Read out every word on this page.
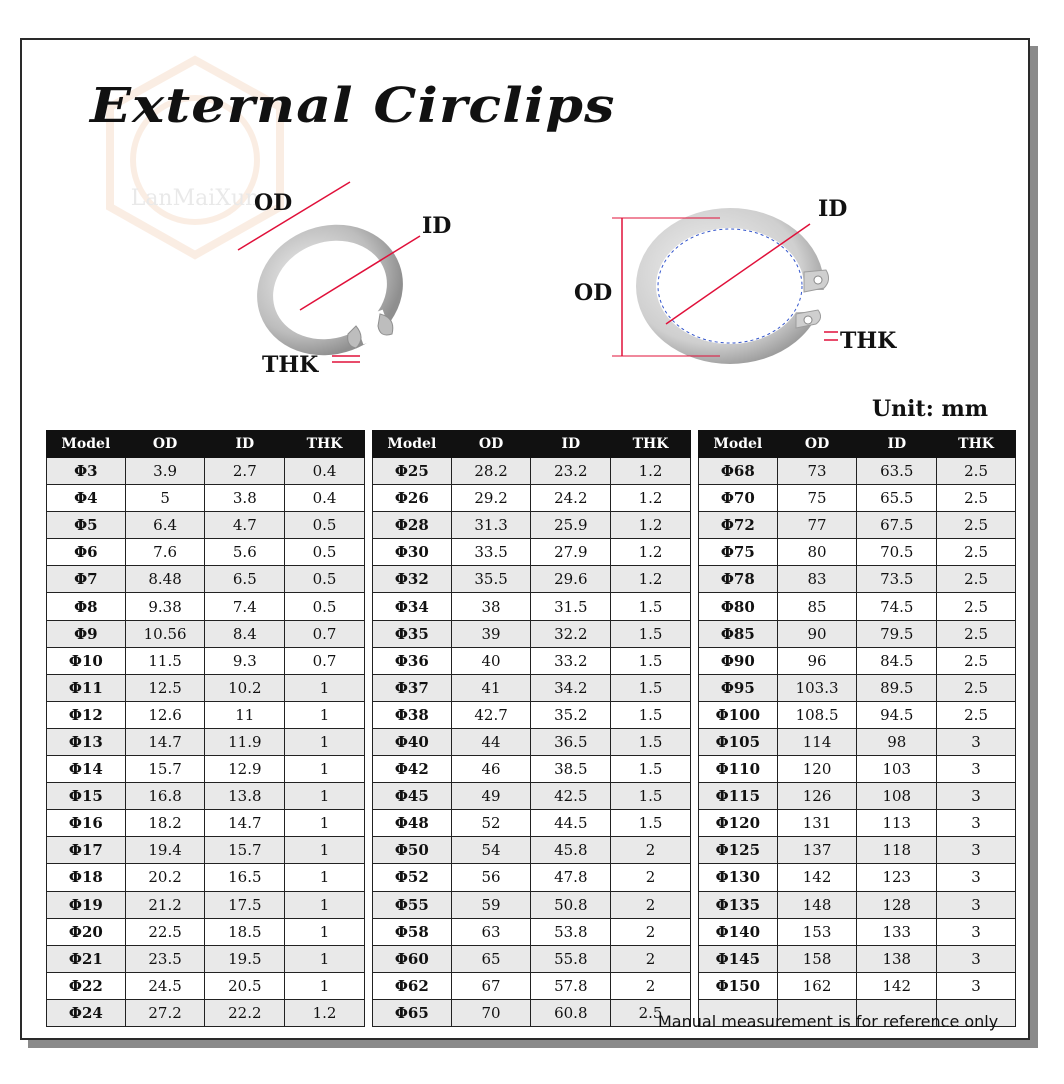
LanMaiXun
External Circlips
OD
ID
THK
OD
ID
THK
Unit: mm
Model	OD	ID	THK		Model	OD	ID	THK		Model	OD	ID	THK
Φ3	3.9	2.7	0.4		Φ25	28.2	23.2	1.2		Φ68	73	63.5	2.5
Φ4	5	3.8	0.4		Φ26	29.2	24.2	1.2		Φ70	75	65.5	2.5
Φ5	6.4	4.7	0.5		Φ28	31.3	25.9	1.2		Φ72	77	67.5	2.5
Φ6	7.6	5.6	0.5		Φ30	33.5	27.9	1.2		Φ75	80	70.5	2.5
Φ7	8.48	6.5	0.5		Φ32	35.5	29.6	1.2		Φ78	83	73.5	2.5
Φ8	9.38	7.4	0.5		Φ34	38	31.5	1.5		Φ80	85	74.5	2.5
Φ9	10.56	8.4	0.7		Φ35	39	32.2	1.5		Φ85	90	79.5	2.5
Φ10	11.5	9.3	0.7		Φ36	40	33.2	1.5		Φ90	96	84.5	2.5
Φ11	12.5	10.2	1		Φ37	41	34.2	1.5		Φ95	103.3	89.5	2.5
Φ12	12.6	11	1		Φ38	42.7	35.2	1.5		Φ100	108.5	94.5	2.5
Φ13	14.7	11.9	1		Φ40	44	36.5	1.5		Φ105	114	98	3
Φ14	15.7	12.9	1		Φ42	46	38.5	1.5		Φ110	120	103	3
Φ15	16.8	13.8	1		Φ45	49	42.5	1.5		Φ115	126	108	3
Φ16	18.2	14.7	1		Φ48	52	44.5	1.5		Φ120	131	113	3
Φ17	19.4	15.7	1		Φ50	54	45.8	2		Φ125	137	118	3
Φ18	20.2	16.5	1		Φ52	56	47.8	2		Φ130	142	123	3
Φ19	21.2	17.5	1		Φ55	59	50.8	2		Φ135	148	128	3
Φ20	22.5	18.5	1		Φ58	63	53.8	2		Φ140	153	133	3
Φ21	23.5	19.5	1		Φ60	65	55.8	2		Φ145	158	138	3
Φ22	24.5	20.5	1		Φ62	67	57.8	2		Φ150	162	142	3
Φ24	27.2	22.2	1.2		Φ65	70	60.8	2.5					
Manual measurement is for reference only
